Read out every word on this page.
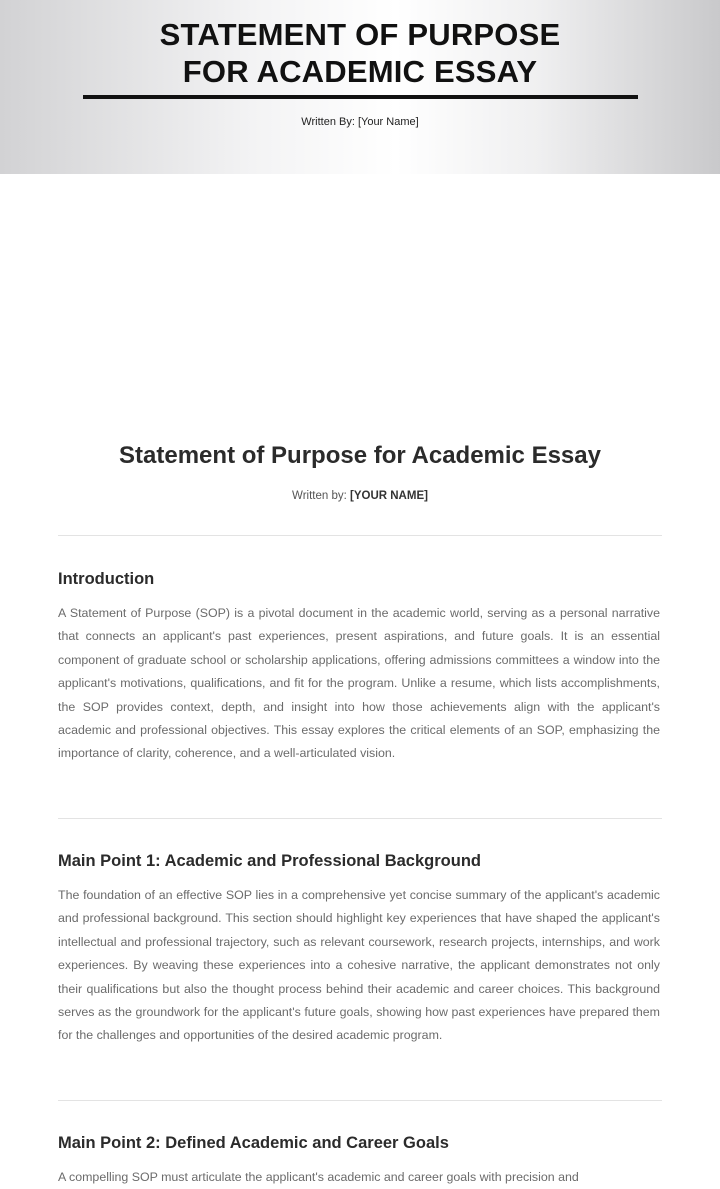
STATEMENT OF PURPOSE
FOR ACADEMIC ESSAY
Written By: [Your Name]
Statement of Purpose for Academic Essay
Written by: [YOUR NAME]
Introduction
A Statement of Purpose (SOP) is a pivotal document in the academic world, serving as a personal narrative that connects an applicant's past experiences, present aspirations, and future goals. It is an essential component of graduate school or scholarship applications, offering admissions committees a window into the applicant's motivations, qualifications, and fit for the program. Unlike a resume, which lists accomplishments, the SOP provides context, depth, and insight into how those achievements align with the applicant's academic and professional objectives. This essay explores the critical elements of an SOP, emphasizing the importance of clarity, coherence, and a well-articulated vision.
Main Point 1: Academic and Professional Background
The foundation of an effective SOP lies in a comprehensive yet concise summary of the applicant's academic and professional background. This section should highlight key experiences that have shaped the applicant's intellectual and professional trajectory, such as relevant coursework, research projects, internships, and work experiences. By weaving these experiences into a cohesive narrative, the applicant demonstrates not only their qualifications but also the thought process behind their academic and career choices. This background serves as the groundwork for the applicant's future goals, showing how past experiences have prepared them for the challenges and opportunities of the desired academic program.
Main Point 2: Defined Academic and Career Goals
A compelling SOP must articulate the applicant's academic and career goals with precision and
